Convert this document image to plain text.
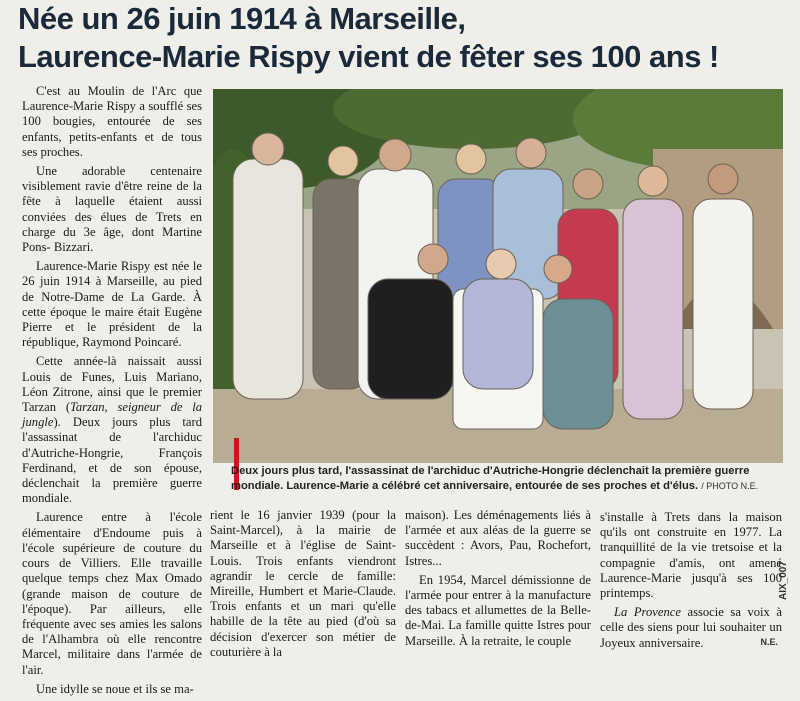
Née un 26 juin 1914 à Marseille,
Laurence-Marie Rispy vient de fêter ses 100 ans !

C'est au Moulin de l'Arc que Laurence-Marie Rispy a soufflé ses 100 bougies, entourée de ses enfants, petits-enfants et de tous ses proches.

Une adorable centenaire visiblement ravie d'être reine de la fête à laquelle étaient aussi conviées des élues de Trets en charge du 3e âge, dont Martine Pons- Bizzari.

Laurence-Marie Rispy est née le 26 juin 1914 à Marseille, au pied de Notre-Dame de La Garde. À cette époque le maire était Eugène Pierre et le président de la république, Raymond Poincaré.

Cette année-là naissait aussi Louis de Funes, Luis Mariano, Léon Zitrone, ainsi que le premier Tarzan (Tarzan, seigneur de la jungle). Deux jours plus tard l'assassinat de l'archiduc d'Autriche-Hongrie, François Ferdinand, et de son épouse, déclenchait la première guerre mondiale.

Laurence entre à l'école élémentaire d'Endoume puis à l'école supérieure de couture du cours de Villiers. Elle travaille quelque temps chez Max Omado (grande maison de couture de l'époque). Par ailleurs, elle fréquente avec ses amies les salons de l'Alhambra où elle rencontre Marcel, militaire dans l'armée de l'air.

Une idylle se noue et ils se ma-

Deux jours plus tard, l'assassinat de l'archiduc d'Autriche-Hongrie déclenchait la première guerre mondiale. Laurence-Marie a célébré cet anniversaire, entourée de ses proches et d'élus. / PHOTO N.E.

rient le 16 janvier 1939 (pour la Saint-Marcel), à la mairie de Marseille et à l'église de Saint-Louis. Trois enfants viendront agrandir le cercle de famille: Mireille, Humbert et Marie-Claude. Trois enfants et un mari qu'elle habille de la tête au pied (d'où sa décision d'exercer son métier de couturière à la

maison). Les déménagements liés à l'armée et aux aléas de la guerre se succèdent : Avors, Pau, Rochefort, Istres...

En 1954, Marcel démissionne de l'armée pour entrer à la manufacture des tabacs et allumettes de la Belle-de-Mai. La famille quitte Istres pour Marseille. À la retraite, le couple

s'installe à Trets dans la maison qu'ils ont construite en 1977. La tranquillité de la vie tretsoise et la compagnie d'amis, ont amené Laurence-Marie jusqu'à ses 100 printemps.

La Provence associe sa voix à celle des siens pour lui souhaiter un Joyeux anniversaire.

AIX_007
N.E.
